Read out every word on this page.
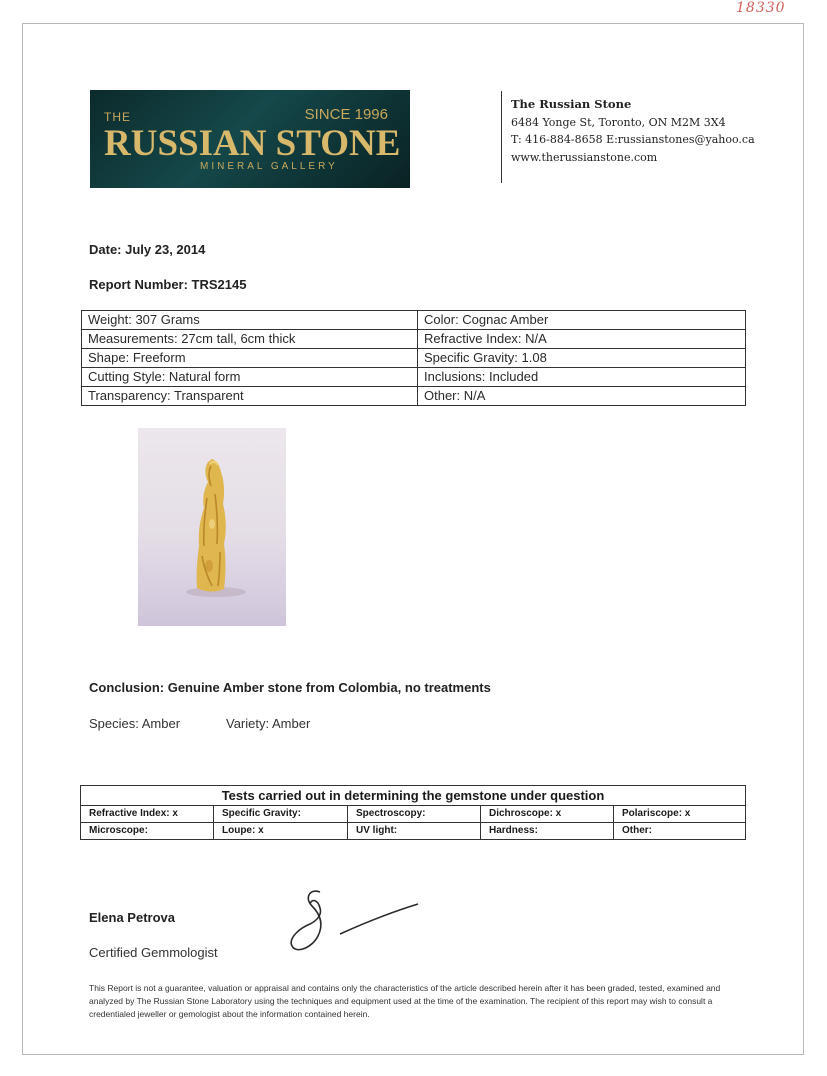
18330
THE	SINCE 1996
RUSSIAN STONE
MINERAL GALLERY
The Russian Stone
6484 Yonge St, Toronto, ON M2M 3X4
T: 416-884-8658 E:russianstones@yahoo.ca
www.therussianstone.com
Date: July 23, 2014
Report Number: TRS2145
Weight: 307 Grams	Color: Cognac Amber
Measurements: 27cm tall, 6cm thick	Refractive Index: N/A
Shape: Freeform	Specific Gravity: 1.08
Cutting Style: Natural form	Inclusions: Included
Transparency: Transparent	Other: N/A
Conclusion: Genuine Amber stone from Colombia, no treatments
Species: Amber	Variety: Amber
Tests carried out in determining the gemstone under question
Refractive Index: x	Specific Gravity:	Spectroscopy:	Dichroscope: x	Polariscope: x
Microscope:	Loupe: x	UV light:	Hardness:	Other:
Elena Petrova
Certified Gemmologist
This Report is not a guarantee, valuation or appraisal and contains only the characteristics of the article described herein after it has been graded, tested, examined and analyzed by The Russian Stone Laboratory using the techniques and equipment used at the time of the examination. The recipient of this report may wish to consult a credentialed jeweller or gemologist about the information contained herein.
